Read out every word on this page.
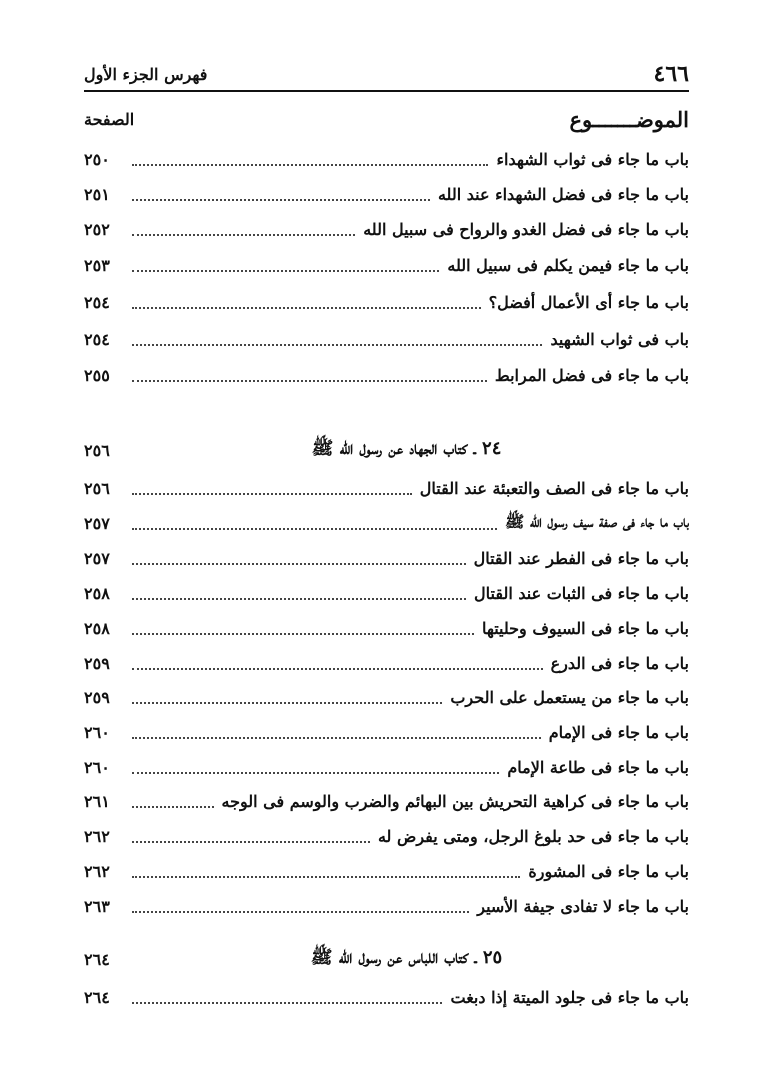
٤٦٦
فهرس الجزء الأول
الموضـــــــوع
الصفحة
باب ما جاء فى ثواب الشهداء
٢٥٠
باب ما جاء فى فضل الشهداء عند الله
٢٥١
باب ما جاء فى فضل الغدو والرواح فى سبيل الله
٢٥٢
باب ما جاء فيمن يكلم فى سبيل الله
٢٥٣
باب ما جاء أى الأعمال أفضل؟
٢٥٤
باب فى ثواب الشهيد
٢٥٤
باب ما جاء فى فضل المرابط
٢٥٥
٢٤ ـ كتاب الجهاد عن رسول الله ﷺ
٢٥٦
باب ما جاء فى الصف والتعبئة عند القتال
٢٥٦
باب ما جاء فى صفة سيف رسول الله ﷺ
٢٥٧
باب ما جاء فى الفطر عند القتال
٢٥٧
باب ما جاء فى الثبات عند القتال
٢٥٨
باب ما جاء فى السيوف وحليتها
٢٥٨
باب ما جاء فى الدرع
٢٥٩
باب ما جاء من يستعمل على الحرب
٢٥٩
باب ما جاء فى الإمام
٢٦٠
باب ما جاء فى طاعة الإمام
٢٦٠
باب ما جاء فى كراهية التحريش بين البهائم والضرب والوسم فى الوجه
٢٦١
باب ما جاء فى حد بلوغ الرجل، ومتى يفرض له
٢٦٢
باب ما جاء فى المشورة
٢٦٢
باب ما جاء لا تفادى جيفة الأسير
٢٦٣
٢٥ ـ كتاب اللباس عن رسول الله ﷺ
٢٦٤
باب ما جاء فى جلود الميتة إذا دبغت
٢٦٤
